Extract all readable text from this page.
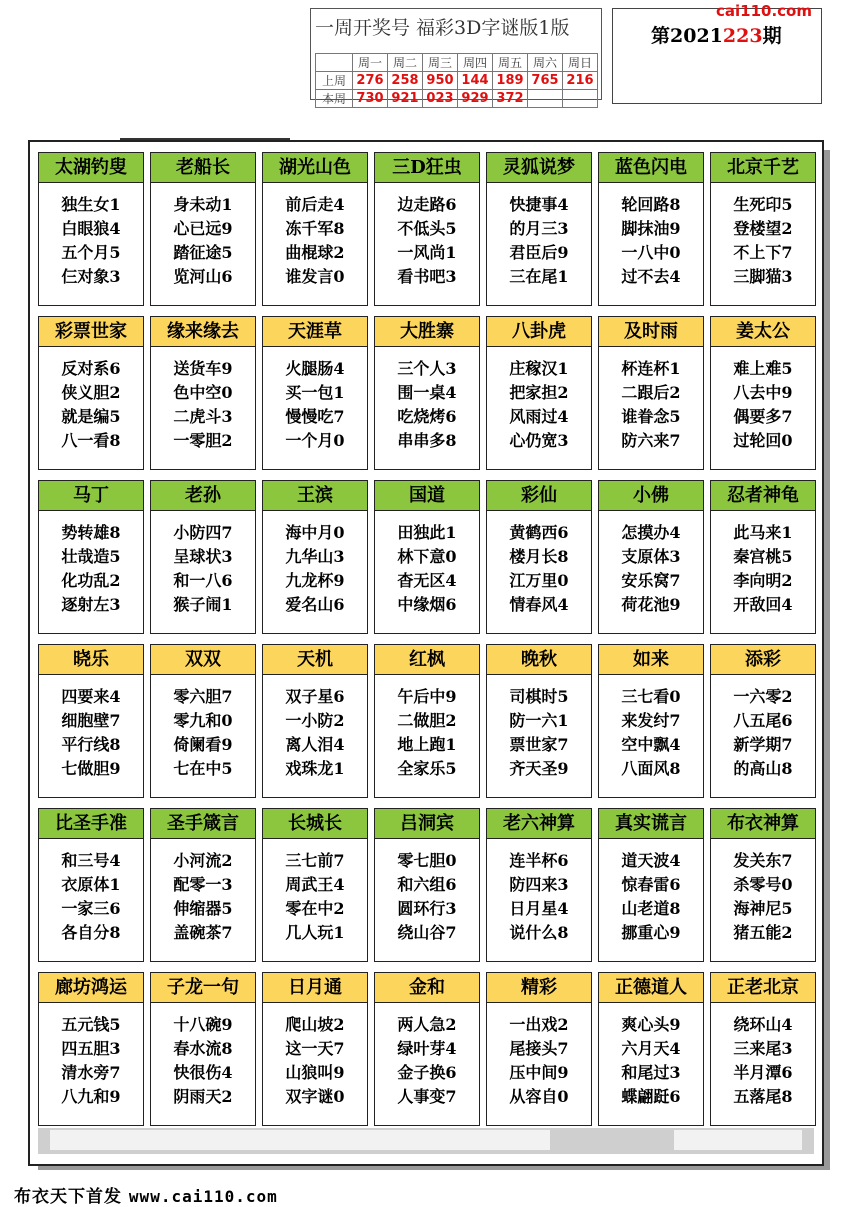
一周开奖号 福彩3D字谜版1版
	周一	周二	周三	周四	周五	周六	周日
上周	276	258	950	144	189	765	216
本周	730	921	023	929	372		
第2021223期
cai110.com
太湖钓叟
独生女1
白眼狼4
五个月5
仨对象3
老船长
身未动1
心已远9
踏征途5
览河山6
湖光山色
前后走4
冻千军8
曲棍球2
谁发言0
三D狂虫
边走路6
不低头5
一风尚1
看书吧3
灵狐说梦
快捷事4
的月三3
君臣后9
三在尾1
蓝色闪电
轮回路8
脚抹油9
一八中0
过不去4
北京千艺
生死印5
登楼望2
不上下7
三脚猫3
彩票世家
反对系6
侠义胆2
就是编5
八一看8
缘来缘去
送货车9
色中空0
二虎斗3
一零胆2
天涯草
火腿肠4
买一包1
慢慢吃7
一个月0
大胜寨
三个人3
围一桌4
吃烧烤6
串串多8
八卦虎
庄稼汉1
把家担2
风雨过4
心仍宽3
及时雨
杯连杯1
二跟后2
谁眷念5
防六来7
姜太公
难上难5
八去中9
偶要多7
过轮回0
马丁
势转雄8
壮哉造5
化功乱2
逐射左3
老孙
小防四7
呈球状3
和一八6
猴子闹1
王滨
海中月0
九华山3
九龙杯9
爱名山6
国道
田独此1
林下意0
杳无区4
中缘烟6
彩仙
黄鹤西6
楼月长8
江万里0
情春风4
小佛
怎摸办4
支原体3
安乐窝7
荷花池9
忍者神龟
此马来1
秦宫桃5
李向明2
开敌回4
晓乐
四要来4
细胞壁7
平行线8
七做胆9
双双
零六胆7
零九和0
倚阑看9
七在中5
天机
双子星6
一小防2
离人泪4
戏珠龙1
红枫
午后中9
二做胆2
地上跑1
全家乐5
晚秋
司棋时5
防一六1
票世家7
齐天圣9
如来
三七看0
来发纣7
空中飘4
八面风8
添彩
一六零2
八五尾6
新学期7
的高山8
比圣手准
和三号4
衣原体1
一家三6
各自分8
圣手箴言
小河流2
配零一3
伸缩器5
盖碗茶7
长城长
三七前7
周武王4
零在中2
几人玩1
吕洞宾
零七胆0
和六组6
圆环行3
绕山谷7
老六神算
连半杯6
防四来3
日月星4
说什么8
真实谎言
道天波4
惊春雷6
山老道8
挪重心9
布衣神算
发关东7
杀零号0
海神尼5
猪五能2
廊坊鸿运
五元钱5
四五胆3
清水旁7
八九和9
子龙一句
十八碗9
春水流8
快很伤4
阴雨天2
日月通
爬山坡2
这一天7
山狼叫9
双字谜0
金和
两人急2
绿叶芽4
金子换6
人事变7
精彩
一出戏2
尾接头7
压中间9
从容自0
正德道人
爽心头9
六月天4
和尾过3
蝶翩跹6
正老北京
绕环山4
三来尾3
半月潭6
五落尾8
布衣天下首发 www.cai110.com
